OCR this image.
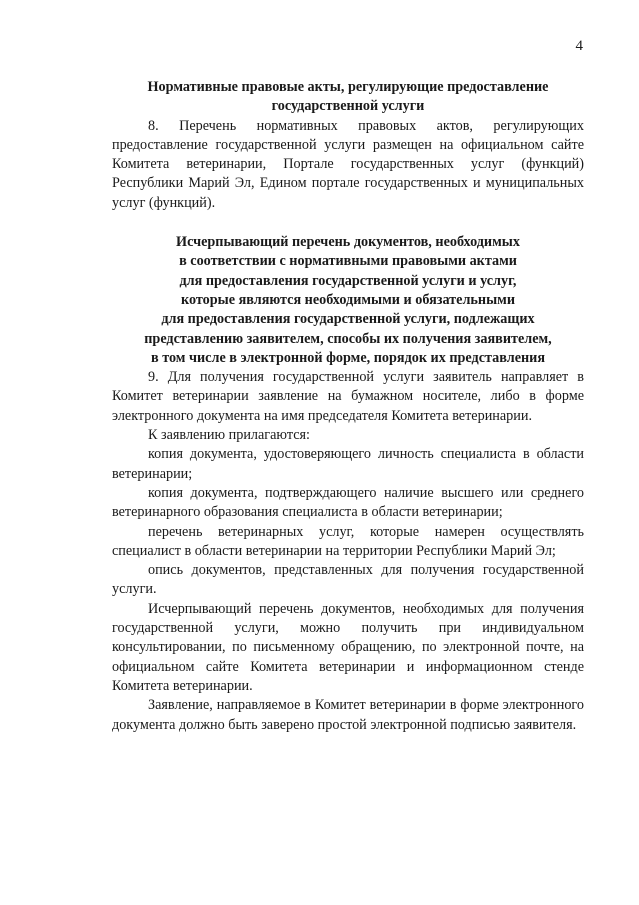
4
Нормативные правовые акты, регулирующие предоставление
государственной услуги

8. Перечень нормативных правовых актов, регулирующих предоставление государственной услуги размещен на официальном сайте Комитета ветеринарии, Портале государственных услуг (функций) Республики Марий Эл, Едином портале государственных и муниципальных услуг (функций).

Исчерпывающий перечень документов, необходимых
в соответствии с нормативными правовыми актами
для предоставления государственной услуги и услуг,
которые являются необходимыми и обязательными
для предоставления государственной услуги, подлежащих
представлению заявителем, способы их получения заявителем,
в том числе в электронной форме, порядок их представления

9. Для получения государственной услуги заявитель направляет в Комитет ветеринарии заявление на бумажном носителе, либо в форме электронного документа на имя председателя Комитета ветеринарии.

К заявлению прилагаются:

копия документа, удостоверяющего личность специалиста в области ветеринарии;

копия документа, подтверждающего наличие высшего или среднего ветеринарного образования специалиста в области ветеринарии;

перечень ветеринарных услуг, которые намерен осуществлять специалист в области ветеринарии на территории Республики Марий Эл;

опись документов, представленных для получения государственной услуги.

Исчерпывающий перечень документов, необходимых для получения государственной услуги, можно получить при индивидуальном консультировании, по письменному обращению, по электронной почте, на официальном сайте Комитета ветеринарии и информационном стенде Комитета ветеринарии.

Заявление, направляемое в Комитет ветеринарии в форме электронного документа должно быть заверено простой электронной подписью заявителя.
